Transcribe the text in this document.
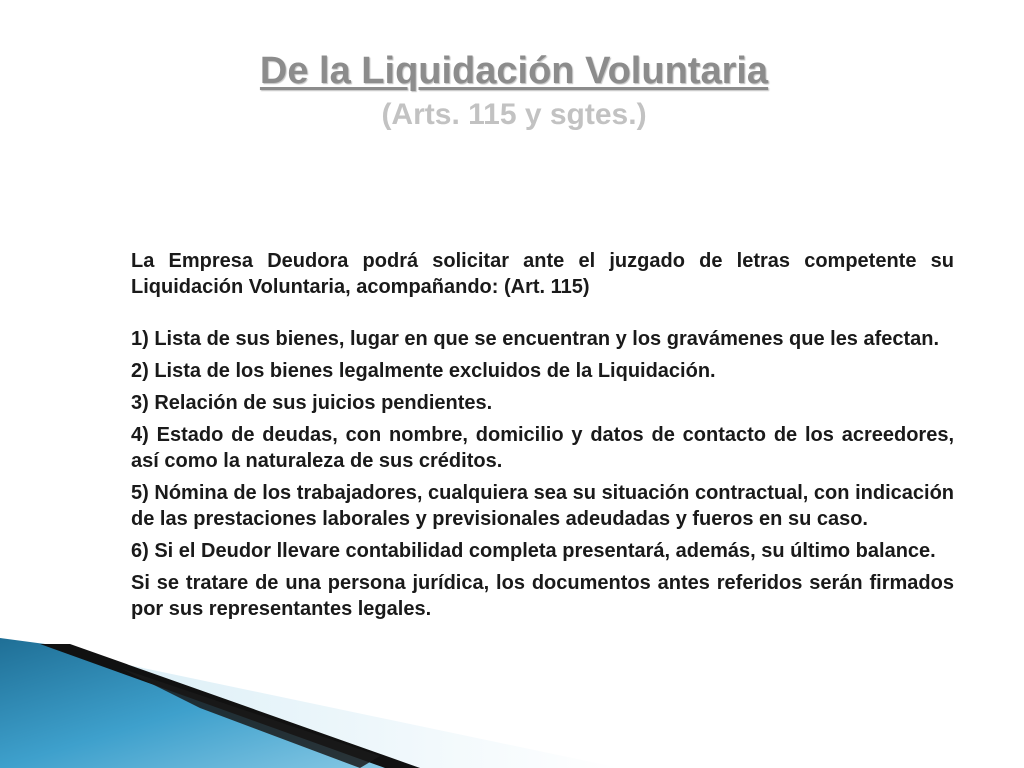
De la Liquidación Voluntaria
(Arts. 115 y sgtes.)

La Empresa Deudora podrá solicitar ante el juzgado de letras competente su Liquidación Voluntaria, acompañando: (Art. 115)

1) Lista de sus bienes, lugar en que se encuentran y los gravámenes que les afectan.

2) Lista de los bienes legalmente excluidos de la Liquidación.

3) Relación de sus juicios pendientes.

4) Estado de deudas, con nombre, domicilio y datos de contacto de los acreedores, así como la naturaleza de sus créditos.

5) Nómina de los trabajadores, cualquiera sea su situación contractual, con indicación de las prestaciones laborales y previsionales adeudadas y fueros en su caso.

6) Si el Deudor llevare contabilidad completa presentará, además, su último balance.

Si se tratare de una persona jurídica, los documentos antes referidos serán firmados por sus representantes legales.
